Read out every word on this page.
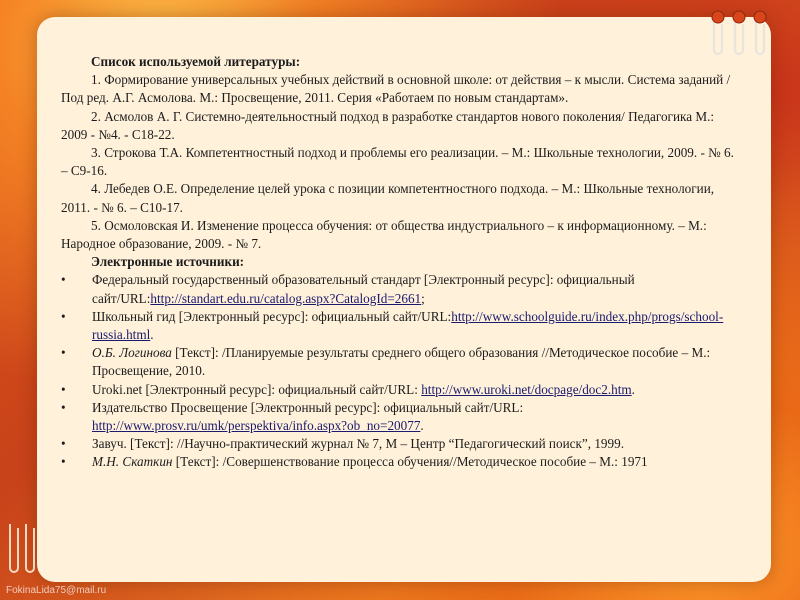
Список используемой литературы:
1. Формирование универсальных учебных действий в основной школе: от действия – к мысли. Система заданий /Под ред. А.Г. Асмолова. М.: Просвещение, 2011. Серия «Работаем по новым стандартам».
2. Асмолов А. Г. Системно-деятельностный подход в разработке стандартов нового поколения/ Педагогика М.: 2009 - №4. - С18-22.
3. Строкова Т.А. Компетентностный подход и проблемы его реализации. – М.: Школьные технологии, 2009. - № 6. – С9-16.
4. Лебедев О.Е. Определение целей урока с позиции компетентностного подхода. – М.: Школьные технологии, 2011. - № 6. – С10-17.
5. Осмоловская И. Изменение процесса обучения: от общества индустриального – к информационному. – М.: Народное образование, 2009. - № 7.
Электронные источники:
• Федеральный государственный образовательный стандарт [Электронный ресурс]: официальный сайт/URL:http://standart.edu.ru/catalog.aspx?CatalogId=2661;
• Школьный гид [Электронный ресурс]: официальный сайт/URL:http://www.schoolguide.ru/index.php/progs/school-russia.html.
• О.Б. Логинова [Текст]: /Планируемые результаты среднего общего образования //Методическое пособие – М.: Просвещение, 2010.
• Uroki.net [Электронный ресурс]: официальный сайт/URL: http://www.uroki.net/docpage/doc2.htm.
• Издательство Просвещение [Электронный ресурс]: официальный сайт/URL: http://www.prosv.ru/umk/perspektiva/info.aspx?ob_no=20077.
• Завуч. [Текст]: //Научно-практический журнал № 7, М – Центр “Педагогический поиск”, 1999.
• М.Н. Скаткин [Текст]: /Совершенствование процесса обучения//Методическое пособие – М.: 1971
FokinaLida75@mail.ru
